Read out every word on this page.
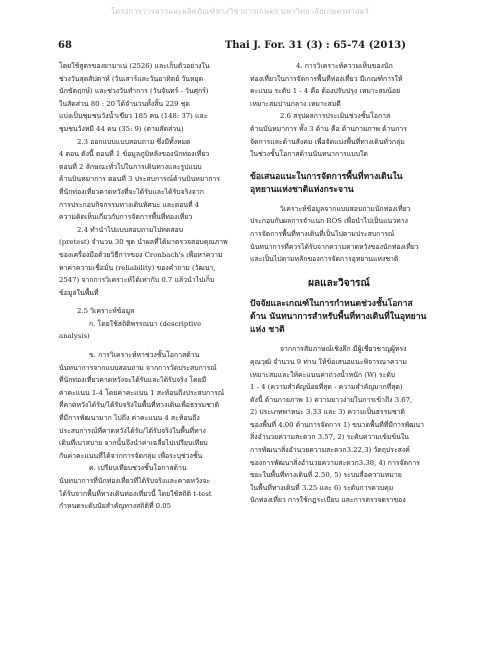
โครงการวารสารและผลิตภัณฑ์ทางวิชาการเกษตร มหาวิทยาลัยเกษตรศาสตร์
68	Thai J. For. 31 (3) : 65-74 (2013)

โดยใช้สูตรของยามาเน่ (2526) และเก็บตัวอย่างใน
ช่วงวันสุดสัปดาห์ (วันเสาร์และวันอาทิตย์ วันหยุด
นักขัตฤกษ์) และช่วงวันทำการ (วันจันทร์ - วันศุกร์)
ในสัดส่วน 80 : 20 ได้จำนวนทั้งสิ้น 229 ชุด
แบ่งเป็นชุมชนวังน้ำเขียว 185 คน (148: 37) และ
ชุมชนวังหมี 44 คน (35: 9) (ตามสัดส่วน)

2.3 ออกแบบแบบสอบถาม ซึ่งมีทั้งหมด
4 ตอน ดังนี้ ตอนที่ 1 ข้อมูลภูมิหลังของนักท่องเที่ยว
ตอนที่ 2 ลักษณะทั่วไปในการเดินทางและรูปแบบ
ด้านบินหมาการ ตอนที่ 3 ประสบการณ์ด้านบินหมาการ
ที่นักท่องเที่ยวคาดหวังที่จะได้รับและได้รับจริงจาก
การประกอบกิจกรรมทางเดินทัศนะ และตอนที่ 4
ความคิดเห็นเกี่ยวกับการจัดการพื้นที่ท่องเที่ยว

2.4 ทำนำไปแบบสอบถามไปทดสอบ
(pretest) จำนวน 30 ชุด นำผลที่ได้มาตรวจสอบคุณภาพ
ของเครื่องมือด้วยวิธีการของ Cronbach's เพื่อหาความ
หาค่าความเชื่อมั่น (reliability) ของคำถาม (วัฒนา,
2547) จากการวิเคราะห์ได้เท่ากับ 0.7 แล้วนำไปเก็บ
ข้อมูลในพื้นที่

2.5 วิเคราะห์ข้อมูล

ก. โดยใช้สถิติพรรณนา (descriptive
analysis)

ข. การวิเคราะห์หาช่วงชั้นโอกาสด้าน
นันทนาการจากแบบสอบถาม จากการวัดประสบการณ์
ที่นักท่องเที่ยวคาดหวังจะได้รับและได้รับจริง โดยมี
ค่าคะแนน 1-4 โดยค่าคะแนน 1 สะท้อนถึงประสบการณ์
ที่คาดหวังได้รับ/ได้รับจริงในพื้นที่ทางเดินเพื่อธรรมชาติ
ที่มีการพัฒนามาก ไปถึง ค่าคะแนน 4 สะท้อนถึง
ประสบการณ์ที่คาดหวังได้รับ/ได้รับจริงในพื้นที่ทาง
เดินที่เบาสบาย จากนั้นจึงนำค่าเฉลี่ยไปเปรียบเทียบ
กับค่าคะแนนที่ได้จากการจัดกลุ่ม เพื่อระบุช่วงชั้น

ค. เปรียบเทียบช่วงชั้นโอกาสด้าน
นันทนาการที่นักท่องเที่ยวที่ได้รับจริงและคาดหวังจะ
ได้รับจากพื้นที่ทางเดินท่องเที่ยวนี้ โดยใช้สถิติ t-test
กำหนดระดับนัยสำคัญทางสถิติที่ 0.05

4. การวิเคราะห์ความเห็นของนัก
ท่องเที่ยวในการจัดการพื้นที่ท่องเที่ยว มีเกณฑ์การให้
คะแนน ระดับ 1 - 4 คือ ต้องปรับปรุง เหมาะสมน้อย
เหมาะสมปานกลาง เหมาะสมดี

2.6 สรุปผลการประเมินช่วงชั้นโอกาส
ด้านบันหมาการ ทั้ง 3 ด้าน คือ ด้านกายภาพ ด้านการ
จัดการและด้านสังคม เพื่อจัดแบ่งพื้นที่ทางเดินทั่วกลุ่ม
ในช่วงชั้นโอกาสด้านนันทนาการแบบใด

ข้อเสนอแนะในการจัดการพื้นที่ทางเดินใน อุทยานแห่งชาติแห่งกระจาน

วิเคราะห์ข้อมูลจากแบบสอบถามนักท่องเที่ยว
ประกอบกับผลการจำแนก ROS เพื่อนำไปเป็นแนวทาง
การจัดการพื้นที่ทางเดินที่เป็นไปตามประสบการณ์
นันทนาการที่ควรได้รับจากความคาดหวังของนักท่องเที่ยว
และเป็นไปตามหลักของการจัดการอุทยานแห่งชาติ

ผลและวิจารณ์
ปัจจัยและเกณฑ์ในการกำหนดช่วงชั้นโอกาสด้าน นันทนาการสำหรับพื้นที่ทางเดินที่ในอุทยานแห่ง ชาติ

จากการสัมภาษณ์เชิงลึก มีผู้เชี่ยวชาญผู้ทรง
คุณวุฒิ จำนวน 9 ท่าน ให้ข้อเสนอแนะพิจารณาความ
เหมาะสมและให้คะแนนค่าถ่วงน้ำหนัก (W) ระดับ
1 - 4 (ความสำคัญน้อยที่สุด - ความสำคัญมากที่สุด)
ดังนี้ ด้านกายภาพ 1) ความยาวง่ายในการเข้าถึง 3.67,
2) ประเภทพาหนะ 3.33 และ 3) ความเป็นธรรมชาติ
ของพื้นที่ 4.00 ด้านการจัดการ 1) ขนาดพื้นที่ที่มีการพัฒนา
สิ่งอำนวยความสะดวก 3.57, 2) ระดับความเข้มข้นใน
การพัฒนาสิ่งอำนวยความสะดวก3.22,3) วัตถุประสงค์
ของการพัฒนาสิ่งอำนวยความสะดวก3.38, 4) การจัดการ
ขยะในพื้นที่ทางเดินที่ 2.50, 5) ระบบสื่อความหมาย
ในพื้นที่ทางเดินที่ 3.25 และ 6) ระดับการควบคุม
นักท่องเที่ยว การใช้กฎระเบียบ และการตรวจตราของ
